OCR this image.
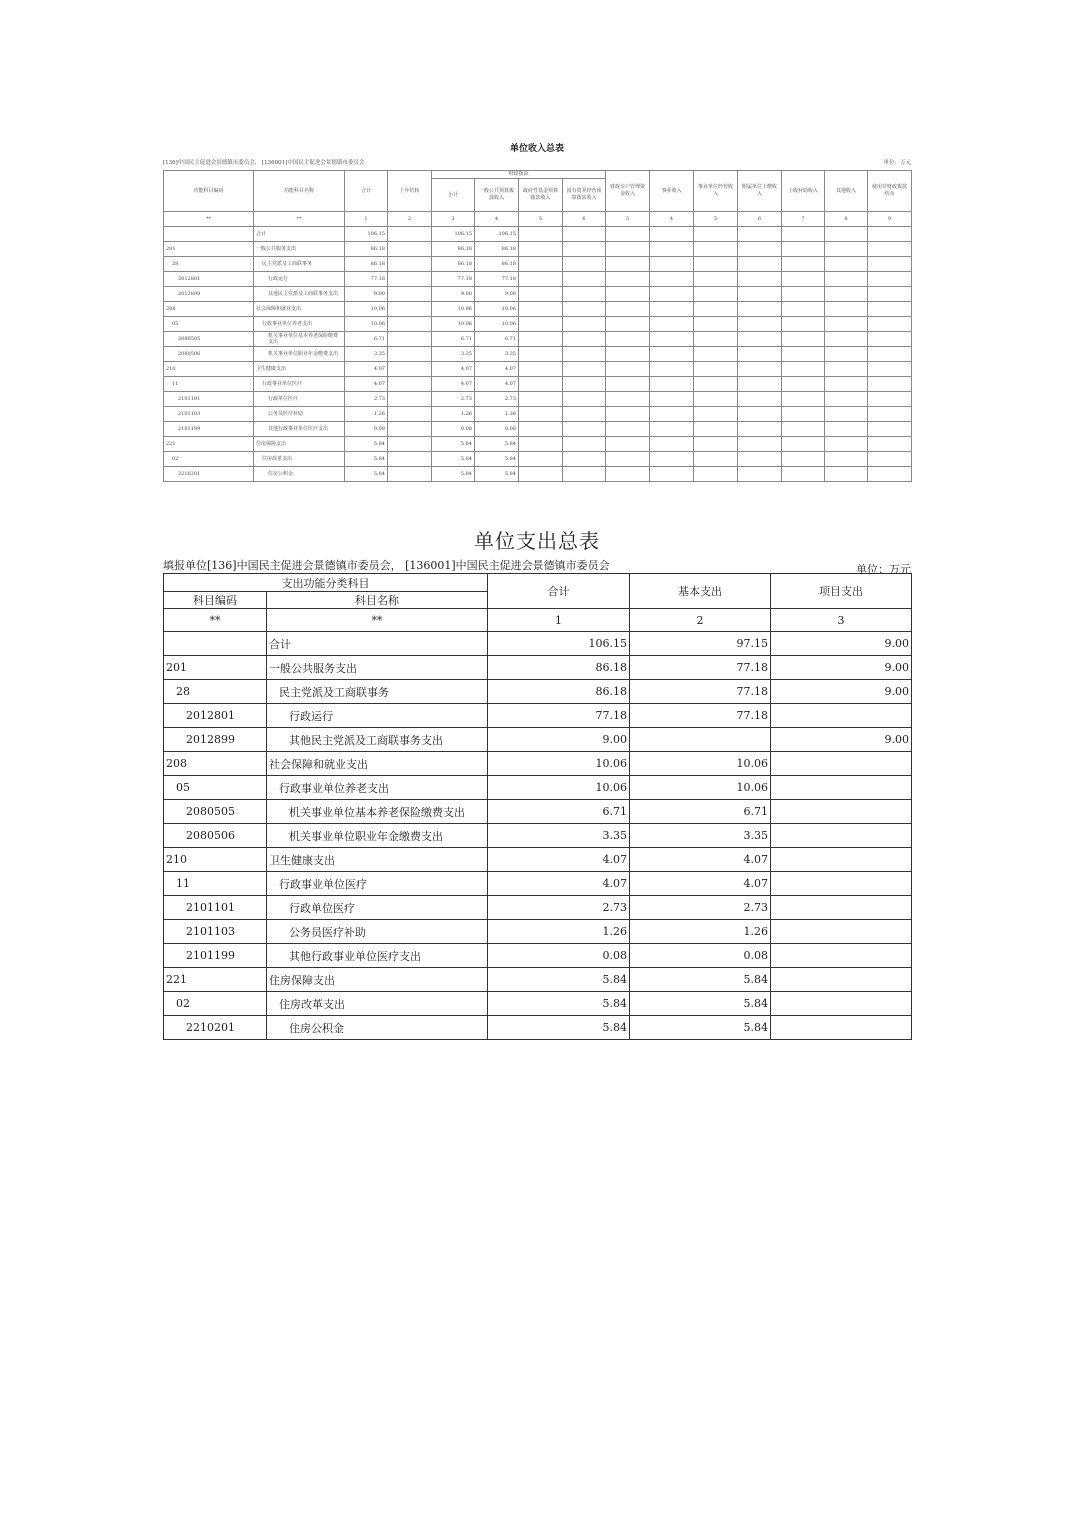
单位收入总表
[136]中国民主促进会景德镇市委员会， [136001]中国民主促进会景德镇市委员会	单位：万元
功能科目编码	功能科目名称	合计	上年结转	财政拨款				财政专户管理资金收入	事业收入	事业单位经营收入	附属单位上缴收入	上级补助收入	其他收入	使用非财政拨款结余
				小计	一般公共预算拨款收入	政府性基金预算拨款收入	国有资本经营预算拨款收入							
**	**	1	2	3	4	5	6	3	4	5	6	7	8	9
	合计	106.15		106.15	106.15									
201	一般公共服务支出	86.18		86.18	86.18									
28	民主党派及工商联事务	86.18		86.18	86.18									
2012801	行政运行	77.18		77.18	77.18									
2012899	其他民主党派及工商联事务支出	9.00		9.00	9.00									
208	社会保障和就业支出	10.06		10.06	10.06									
05	行政事业单位养老支出	10.06		10.06	10.06									
2080505	机关事业单位基本养老保险缴费支出	6.71		6.71	6.71									
2080506	机关事业单位职业年金缴费支出	3.35		3.35	3.35									
210	卫生健康支出	4.07		4.07	4.07									
11	行政事业单位医疗	4.07		4.07	4.07									
2101101	行政单位医疗	2.73		2.73	2.73									
2101103	公务员医疗补助	1.26		1.26	1.26									
2101199	其他行政事业单位医疗支出	0.08		0.08	0.08									
221	住房保障支出	5.84		5.84	5.84									
02	住房改革支出	5.84		5.84	5.84									
2210201	住房公积金	5.84		5.84	5.84									
单位支出总表
填报单位[136]中国民主促进会景德镇市委员会， [136001]中国民主促进会景德镇市委员会	单位：万元
支出功能分类科目		合计	基本支出	项目支出
科目编码	科目名称			
**	**	1	2	3
	合计	106.15	97.15	9.00
201	一般公共服务支出	86.18	77.18	9.00
28	民主党派及工商联事务	86.18	77.18	9.00
2012801	行政运行	77.18	77.18	
2012899	其他民主党派及工商联事务支出	9.00		9.00
208	社会保障和就业支出	10.06	10.06	
05	行政事业单位养老支出	10.06	10.06	
2080505	机关事业单位基本养老保险缴费支出	6.71	6.71	
2080506	机关事业单位职业年金缴费支出	3.35	3.35	
210	卫生健康支出	4.07	4.07	
11	行政事业单位医疗	4.07	4.07	
2101101	行政单位医疗	2.73	2.73	
2101103	公务员医疗补助	1.26	1.26	
2101199	其他行政事业单位医疗支出	0.08	0.08	
221	住房保障支出	5.84	5.84	
02	住房改革支出	5.84	5.84	
2210201	住房公积金	5.84	5.84	
